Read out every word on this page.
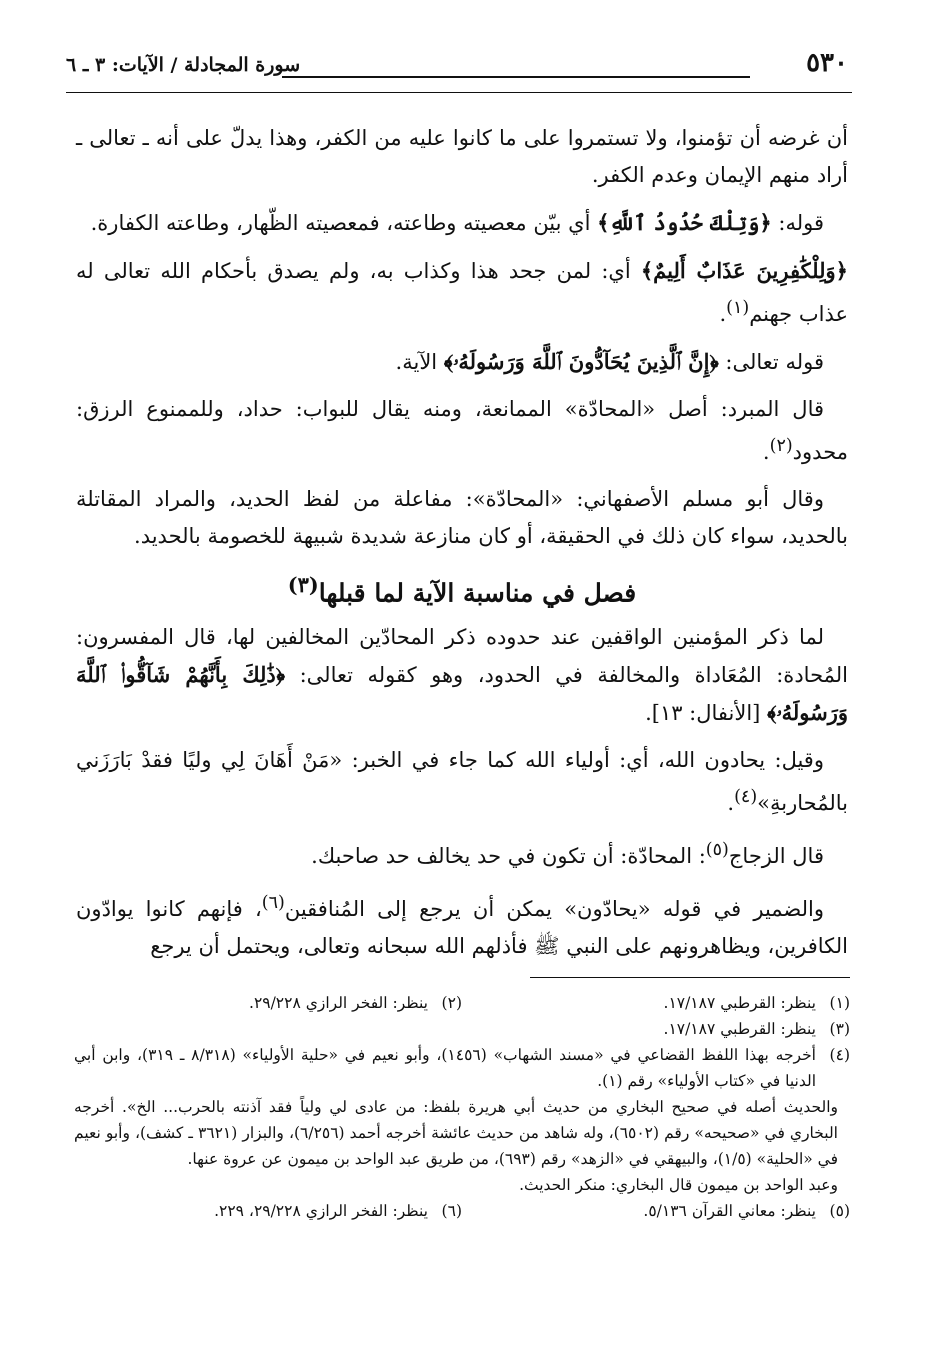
٥٣٠
سورة المجادلة / الآيات: ٣ ـ ٦

أن غرضه أن تؤمنوا، ولا تستمروا على ما كانوا عليه من الكفر، وهذا يدلّ على أنه ـ تعالى ـ أراد منهم الإيمان وعدم الكفر.

قوله: ﴿وَتِلْكَ حُدُودُ ٱللَّهِ﴾ أي بيّن معصيته وطاعته، فمعصيته الظّهار، وطاعته الكفارة.

﴿وَلِلْكَٰفِرِينَ عَذَابٌ أَلِيمٌ﴾ أي: لمن جحد هذا وكذاب به، ولم يصدق بأحكام الله تعالى له عذاب جهنم$^{(١)}$.

قوله تعالى: ﴿إِنَّ ٱلَّذِينَ يُحَآدُّونَ ٱللَّهَ وَرَسُولَهُۥ﴾ الآية.

قال المبرد: أصل «المحادّة» الممانعة، ومنه يقال للبواب: حداد، وللممنوع الرزق: محدود$^{(٢)}$.

وقال أبو مسلم الأصفهاني: «المحادّة»: مفاعلة من لفظ الحديد، والمراد المقاتلة بالحديد، سواء كان ذلك في الحقيقة، أو كان منازعة شديدة شبيهة للخصومة بالحديد.

فصل في مناسبة الآية لما قبلها$^{(٣)}$

لما ذكر المؤمنين الواقفين عند حدوده ذكر المحادّين المخالفين لها، قال المفسرون: المُحادة: المُعَاداة والمخالفة في الحدود، وهو كقوله تعالى: ﴿ذَٰلِكَ بِأَنَّهُمْ شَآقُّوا۟ ٱللَّهَ وَرَسُولَهُۥ﴾ [الأنفال: ١٣].

وقيل: يحادون الله، أي: أولياء الله كما جاء في الخبر: «مَنْ أَهَانَ لِي وليًا فقدْ بَارَزَني بالمُحاربةِ»$^{(٤)}$.

قال الزجاج$^{(٥)}$: المحادّة: أن تكون في حد يخالف حد صاحبك.

والضمير في قوله «يحادّون» يمكن أن يرجع إلى المُنافقين$^{(٦)}$، فإنهم كانوا يوادّون الكافرين، ويظاهرونهم على النبي ﷺ فأذلهم الله سبحانه وتعالى، ويحتمل أن يرجع

(١)
ينظر: القرطبي ١٧/١٨٧.
(٢)
ينظر: الفخر الرازي ٢٩/٢٢٨.
(٣)
ينظر: القرطبي ١٧/١٨٧.
(٤)
أخرجه بهذا اللفظ القضاعي في «مسند الشهاب» (١٤٥٦)، وأبو نعيم في «حلية الأولياء» (٨/٣١٨ ـ ٣١٩)، وابن أبي الدنيا في «كتاب الأولياء» رقم (١).

والحديث أصله في صحيح البخاري من حديث أبي هريرة بلفظ: من عادى لي ولياً فقد آذنته بالحرب... الخ». أخرجه البخاري في «صحيحه» رقم (٦٥٠٢)، وله شاهد من حديث عائشة أخرجه أحمد (٦/٢٥٦)، والبزار (٣٦٢١ ـ كشف)، وأبو نعيم في «الحلية» (١/٥)، والبيهقي في «الزهد» رقم (٦٩٣)، من طريق عبد الواحد بن ميمون عن عروة عنها.

وعبد الواحد بن ميمون قال البخاري: منكر الحديث.

(٥)
ينظر: معاني القرآن ٥/١٣٦.
(٦)
ينظر: الفخر الرازي ٢٩/٢٢٨، ٢٢٩.
